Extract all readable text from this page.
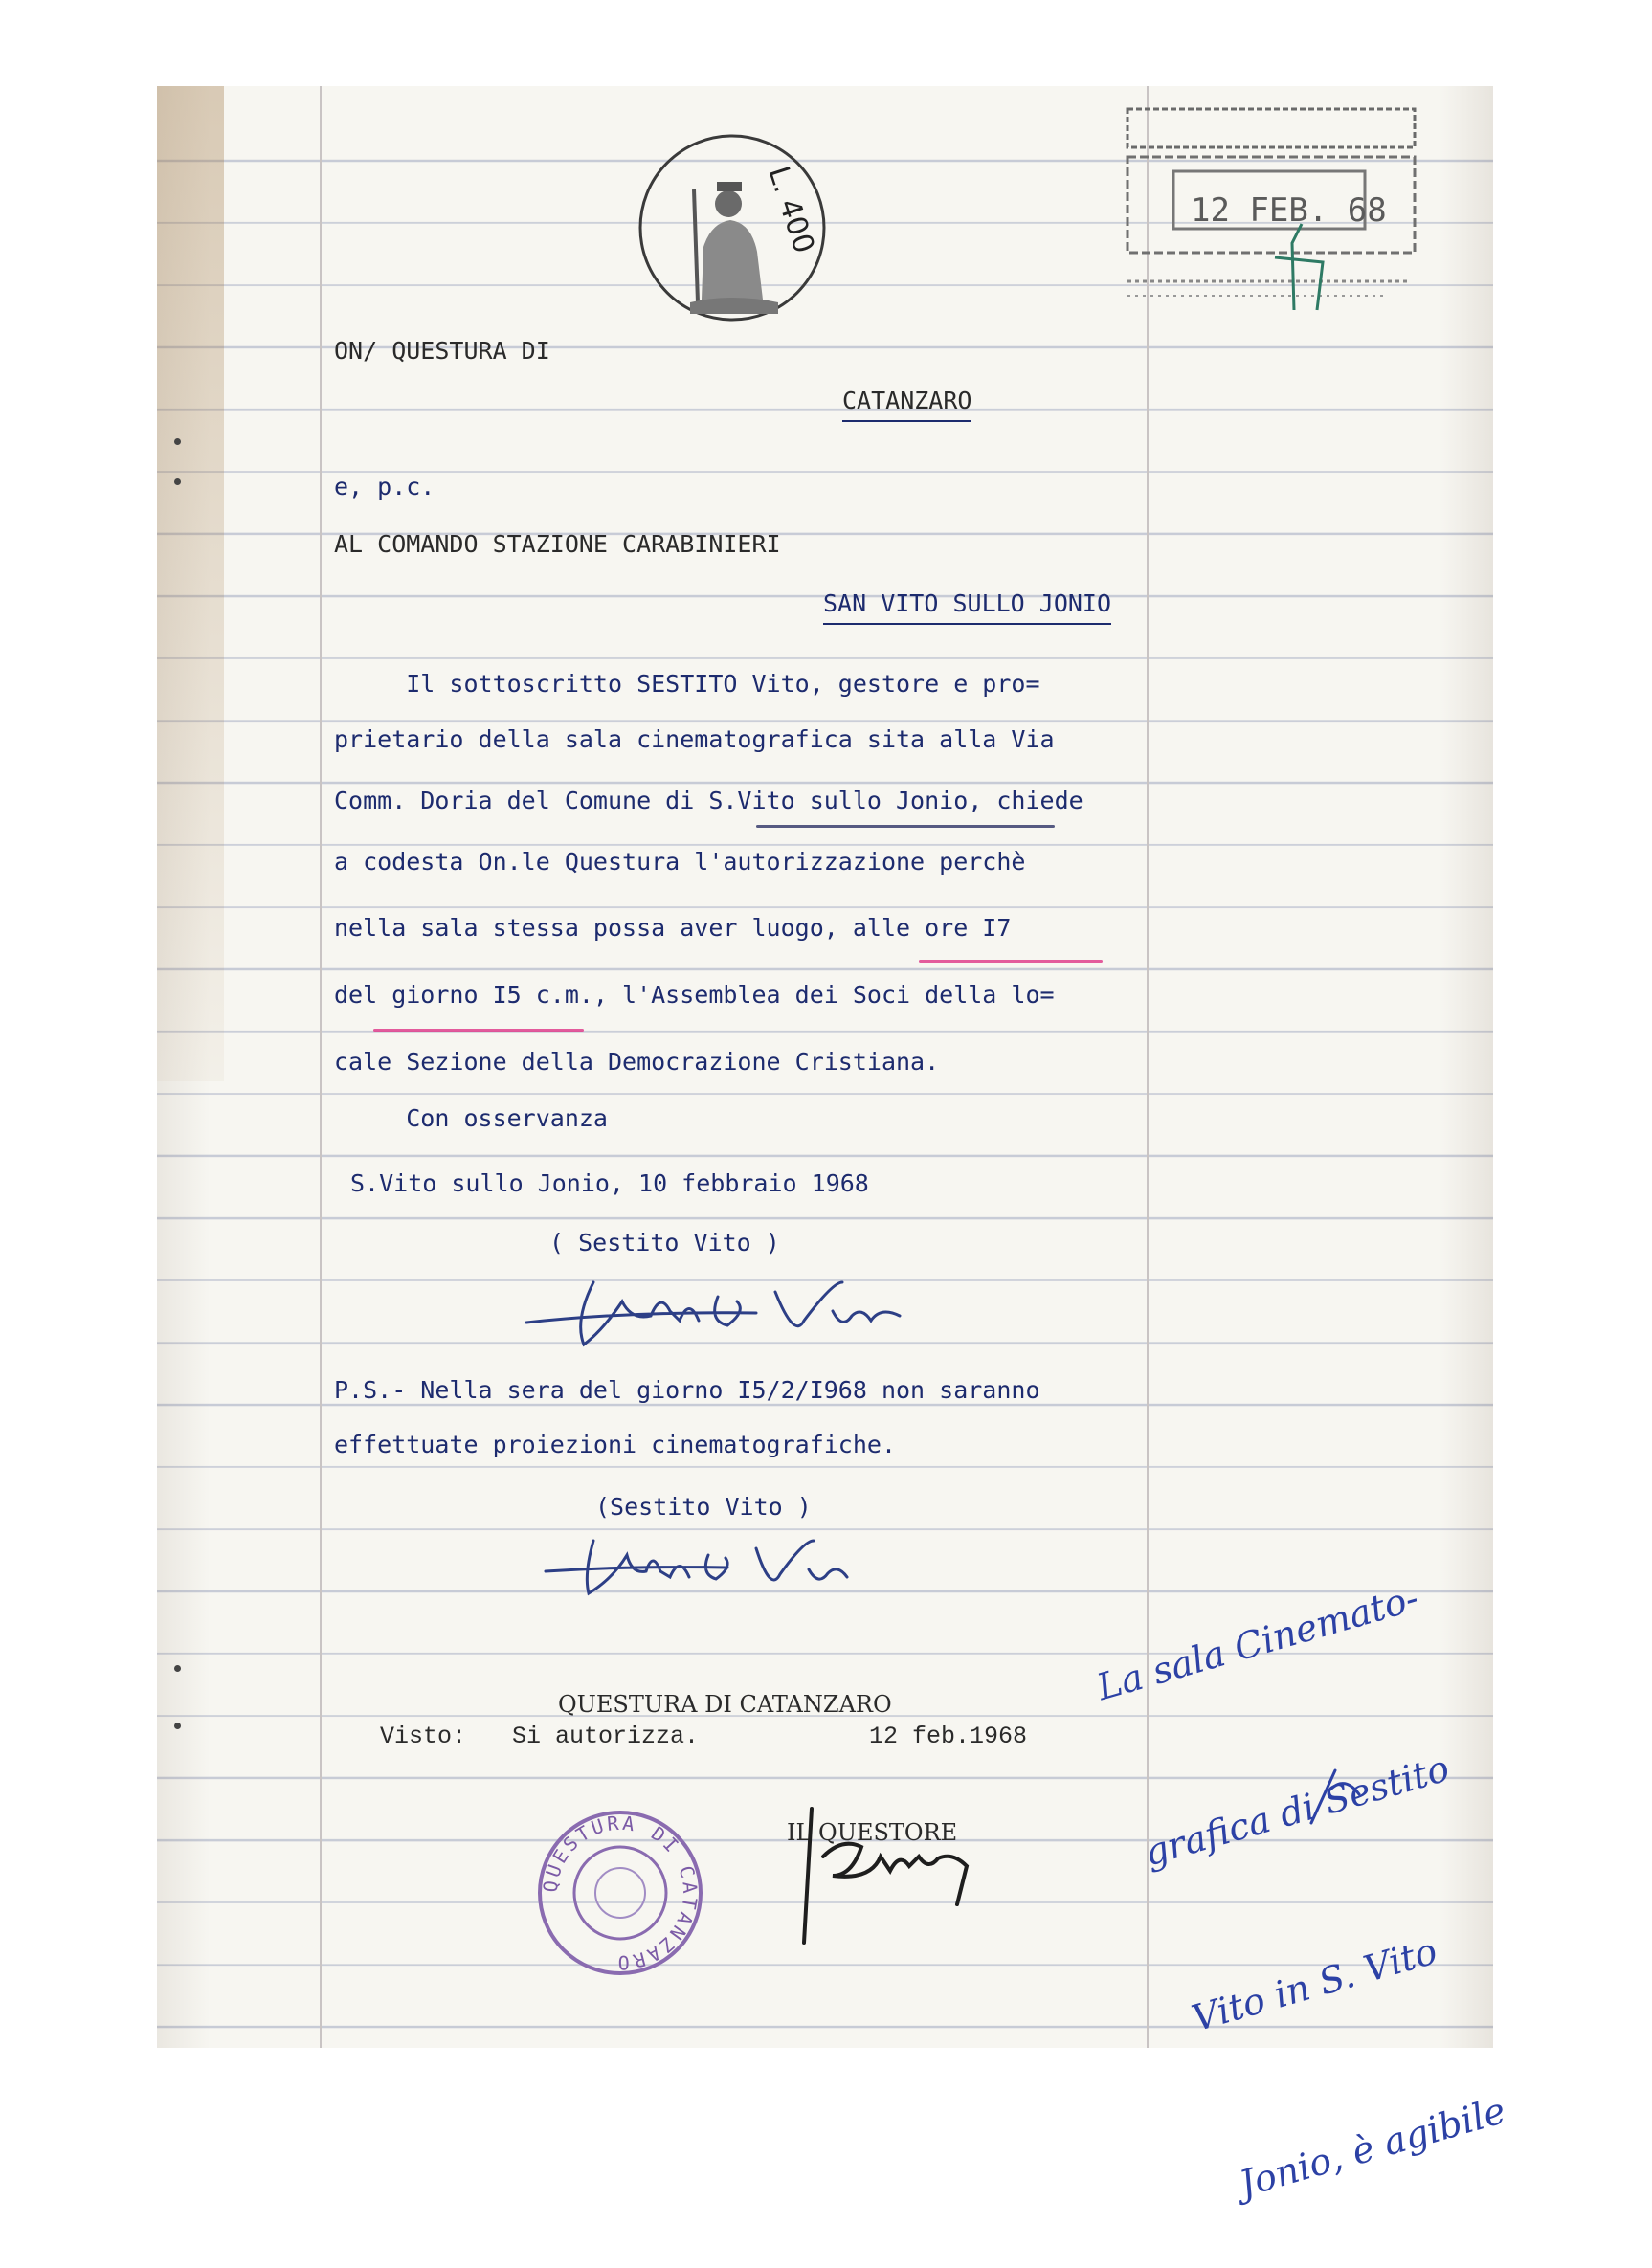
L. 400	12 FEB. 68
ON/ QUESTURA DI
CATANZARO
e, p.c.
AL COMANDO STAZIONE CARABINIERI
SAN VITO SULLO JONIO
Il sottoscritto SESTITO Vito, gestore e pro=
prietario della sala cinematografica sita alla Via
Comm. Doria del Comune di S.Vito sullo Jonio, chiede
a codesta On.le Questura l'autorizzazione perchè
nella sala stessa possa aver luogo, alle ore I7
del giorno I5 c.m., l'Assemblea dei Soci della lo=
cale Sezione della Democrazione Cristiana.
Con osservanza
S.Vito sullo Jonio, 10 febbraio 1968
( Sestito Vito )
P.S.- Nella sera del giorno I5/2/I968 non saranno
effettuate proiezioni cinematografiche.
(Sestito Vito )
QUESTURA DI CATANZARO
Visto: Si autorizza.	12 feb.1968
IL QUESTORE
QUESTURA DI CATANZARO

La sala Cinemato-

grafica di Sestito

Vito in S. Vito

Jonio, è agibile
